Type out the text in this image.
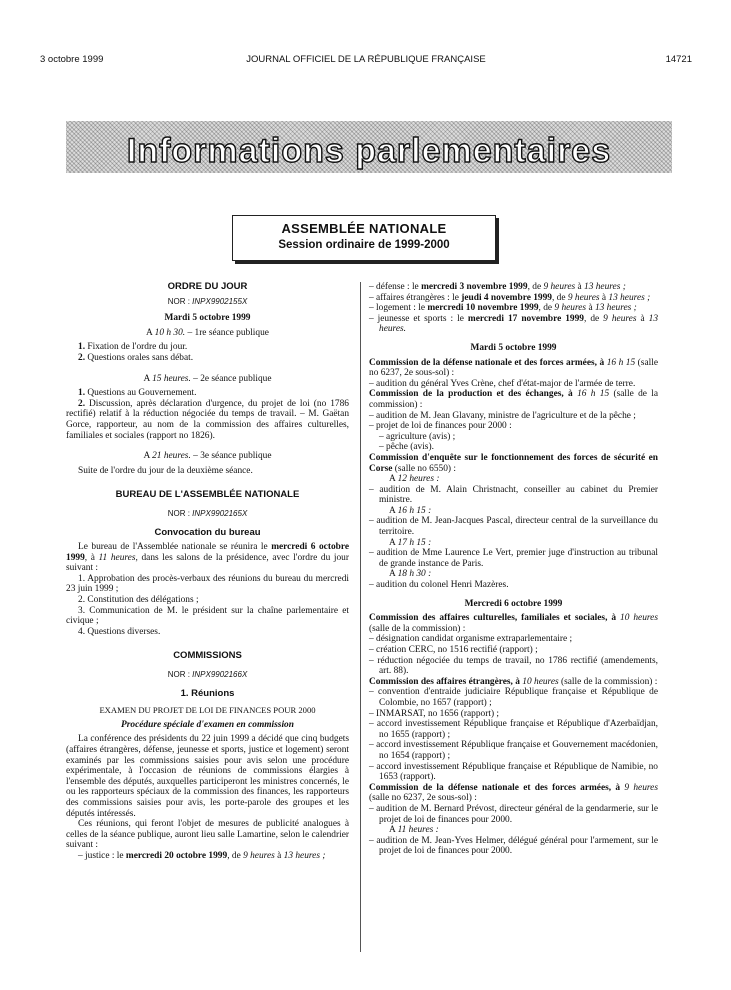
3 octobre 1999	JOURNAL OFFICIEL DE LA RÉPUBLIQUE FRANÇAISE	14721
Informations parlementaires
ASSEMBLÉE NATIONALE
Session ordinaire de 1999-2000
ORDRE DU JOUR
NOR : INPX9902155X

Mardi 5 octobre 1999

A 10 h 30. – 1re séance publique

1. Fixation de l'ordre du jour.

2. Questions orales sans débat.

A 15 heures. – 2e séance publique

1. Questions au Gouvernement.

2. Discussion, après déclaration d'urgence, du projet de loi (no 1786 rectifié) relatif à la réduction négociée du temps de travail. – M. Gaëtan Gorce, rapporteur, au nom de la commission des affaires culturelles, familiales et sociales (rapport no 1826).

A 21 heures. – 3e séance publique

Suite de l'ordre du jour de la deuxième séance.

BUREAU DE L'ASSEMBLÉE NATIONALE
NOR : INPX9902165X
Convocation du bureau

Le bureau de l'Assemblée nationale se réunira le mercredi 6 octobre 1999, à 11 heures, dans les salons de la présidence, avec l'ordre du jour suivant :

1. Approbation des procès-verbaux des réunions du bureau du mercredi 23 juin 1999 ;

2. Constitution des délégations ;

3. Communication de M. le président sur la chaîne parlementaire et civique ;

4. Questions diverses.

COMMISSIONS
NOR : INPX9902166X
1. Réunions

EXAMEN DU PROJET DE LOI DE FINANCES POUR 2000

Procédure spéciale d'examen en commission

La conférence des présidents du 22 juin 1999 a décidé que cinq budgets (affaires étrangères, défense, jeunesse et sports, justice et logement) seront examinés par les commissions saisies pour avis selon une procédure expérimentale, à l'occasion de réunions de commissions élargies à l'ensemble des députés, auxquelles participeront les ministres concernés, le ou les rapporteurs spéciaux de la commission des finances, les rapporteurs des commissions saisies pour avis, les porte-parole des groupes et les députés intéressés.

Ces réunions, qui feront l'objet de mesures de publicité analogues à celles de la séance publique, auront lieu salle Lamartine, selon le calendrier suivant :

– justice : le mercredi 20 octobre 1999, de 9 heures à 13 heures ;

– défense : le mercredi 3 novembre 1999, de 9 heures à 13 heures ;

– affaires étrangères : le jeudi 4 novembre 1999, de 9 heures à 13 heures ;

– logement : le mercredi 10 novembre 1999, de 9 heures à 13 heures ;

– jeunesse et sports : le mercredi 17 novembre 1999, de 9 heures à 13 heures.

Mardi 5 octobre 1999

Commission de la défense nationale et des forces armées, à 16 h 15 (salle no 6237, 2e sous-sol) :

– audition du général Yves Crène, chef d'état-major de l'armée de terre.

Commission de la production et des échanges, à 16 h 15 (salle de la commission) :

– audition de M. Jean Glavany, ministre de l'agriculture et de la pêche ;

– projet de loi de finances pour 2000 :

– agriculture (avis) ;

– pêche (avis).

Commission d'enquête sur le fonctionnement des forces de sécurité en Corse (salle no 6550) :

A 12 heures :

– audition de M. Alain Christnacht, conseiller au cabinet du Premier ministre.

A 16 h 15 :

– audition de M. Jean-Jacques Pascal, directeur central de la surveillance du territoire.

A 17 h 15 :

– audition de Mme Laurence Le Vert, premier juge d'instruction au tribunal de grande instance de Paris.

A 18 h 30 :

– audition du colonel Henri Mazères.

Mercredi 6 octobre 1999

Commission des affaires culturelles, familiales et sociales, à 10 heures (salle de la commission) :

– désignation candidat organisme extraparlementaire ;

– création CERC, no 1516 rectifié (rapport) ;

– réduction négociée du temps de travail, no 1786 rectifié (amendements, art. 88).

Commission des affaires étrangères, à 10 heures (salle de la commission) :

– convention d'entraide judiciaire République française et République de Colombie, no 1657 (rapport) ;

– INMARSAT, no 1656 (rapport) ;

– accord investissement République française et République d'Azerbaïdjan, no 1655 (rapport) ;

– accord investissement République française et Gouvernement macédonien, no 1654 (rapport) ;

– accord investissement République française et République de Namibie, no 1653 (rapport).

Commission de la défense nationale et des forces armées, à 9 heures (salle no 6237, 2e sous-sol) :

– audition de M. Bernard Prévost, directeur général de la gendarmerie, sur le projet de loi de finances pour 2000.

A 11 heures :

– audition de M. Jean-Yves Helmer, délégué général pour l'armement, sur le projet de loi de finances pour 2000.
